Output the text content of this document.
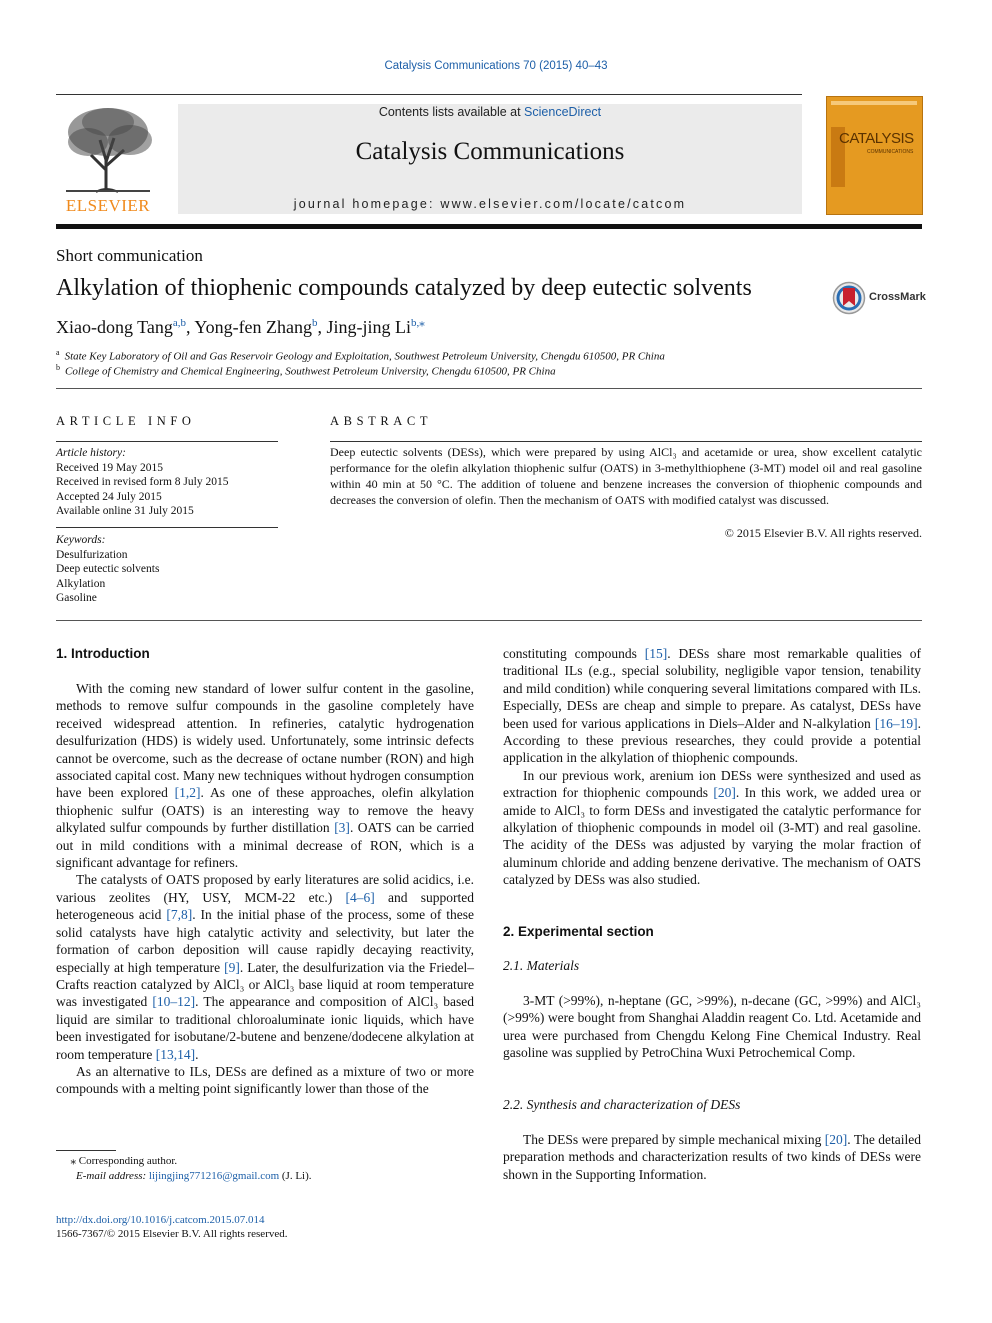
Catalysis Communications 70 (2015) 40–43
ELSEVIER
Contents lists available at ScienceDirect
Catalysis Communications
journal homepage: www.elsevier.com/locate/catcom
CATALYSIS
COMMUNICATIONS
Short communication
Alkylation of thiophenic compounds catalyzed by deep eutectic solvents	CrossMark
Xiao-dong Tang$^{a,b}$, Yong-fen Zhang$^b$, Jing-jing $Li^{b,⁎}$
$^a$ State Key Laboratory of Oil and Gas Reservoir Geology and Exploitation, Southwest Petroleum University, Chengdu 610500, PR China
$^b$ College of Chemistry and Chemical Engineering, Southwest Petroleum University, Chengdu 610500, PR China
ARTICLE INFO
Article history:
Received 19 May 2015
Received in revised form 8 July 2015
Accepted 24 July 2015
Available online 31 July 2015
Keywords:
Desulfurization
Deep eutectic solvents
Alkylation
Gasoline
ABSTRACT
Deep eutectic solvents (DESs), which were prepared by using AlCl₃ and acetamide or urea, show excellent catalytic performance for the olefin alkylation thiophenic sulfur (OATS) in 3-methylthiophene (3-MT) model oil and real gasoline within 40 min at 50 °C. The addition of toluene and benzene increases the conversion of thiophenic compounds and decreases the conversion of olefin. Then the mechanism of OATS with modified catalyst was discussed.
© 2015 Elsevier B.V. All rights reserved.
1. Introduction

With the coming new standard of lower sulfur content in the gasoline, methods to remove sulfur compounds in the gasoline completely have received widespread attention. In refineries, catalytic hydrogenation desulfurization (HDS) is widely used. Unfortunately, some intrinsic defects cannot be overcome, such as the decrease of octane number (RON) and high associated capital cost. Many new techniques without hydrogen consumption have been explored [1,2]. As one of these approaches, olefin alkylation thiophenic sulfur (OATS) is an interesting way to remove the heavy alkylated sulfur compounds by further distillation [3]. OATS can be carried out in mild conditions with a minimal decrease of RON, which is a significant advantage for refiners.

The catalysts of OATS proposed by early literatures are solid acidics, i.e. various zeolites (HY, USY, MCM-22 etc.) [4–6] and supported heterogeneous acid [7,8]. In the initial phase of the process, some of these solid catalysts have high catalytic activity and selectivity, but later the formation of carbon deposition will cause rapidly decaying reactivity, especially at high temperature [9]. Later, the desulfurization via the Friedel–Crafts reaction catalyzed by AlCl₃ or AlCl₃ base liquid at room temperature was investigated [10–12]. The appearance and composition of AlCl₃ based liquid are similar to traditional chloroaluminate ionic liquids, which have been investigated for isobutane/2-butene and benzene/dodecene alkylation at room temperature [13,14].

As an alternative to ILs, DESs are defined as a mixture of two or more compounds with a melting point significantly lower than those of the

⁎ Corresponding author.
E-mail address: lijingjing771216@gmail.com (J. Li).
http://dx.doi.org/10.1016/j.catcom.2015.07.014
1566-7367/© 2015 Elsevier B.V. All rights reserved.

constituting compounds [15]. DESs share most remarkable qualities of traditional ILs (e.g., special solubility, negligible vapor tension, tenability and mild condition) while conquering several limitations compared with ILs. Especially, DESs are cheap and simple to prepare. As catalyst, DESs have been used for various applications in Diels–Alder and N-alkylation [16–19]. According to these previous researches, they could provide a potential application in the alkylation of thiophenic compounds.

In our previous work, arenium ion DESs were synthesized and used as extraction for thiophenic compounds [20]. In this work, we added urea or amide to AlCl₃ to form DESs and investigated the catalytic performance for alkylation of thiophenic compounds in model oil (3-MT) and real gasoline. The acidity of the DESs was adjusted by varying the molar fraction of aluminum chloride and adding benzene derivative. The mechanism of OATS catalyzed by DESs was also studied.

2. Experimental section
2.1. Materials

3-MT (>99%), n-heptane (GC, >99%), n-decane (GC, >99%) and AlCl₃ (>99%) were bought from Shanghai Aladdin reagent Co. Ltd. Acetamide and urea were purchased from Chengdu Kelong Fine Chemical Industry. Real gasoline was supplied by PetroChina Wuxi Petrochemical Comp.

2.2. Synthesis and characterization of DESs

The DESs were prepared by simple mechanical mixing [20]. The detailed preparation methods and characterization results of two kinds of DESs were shown in the Supporting Information.
